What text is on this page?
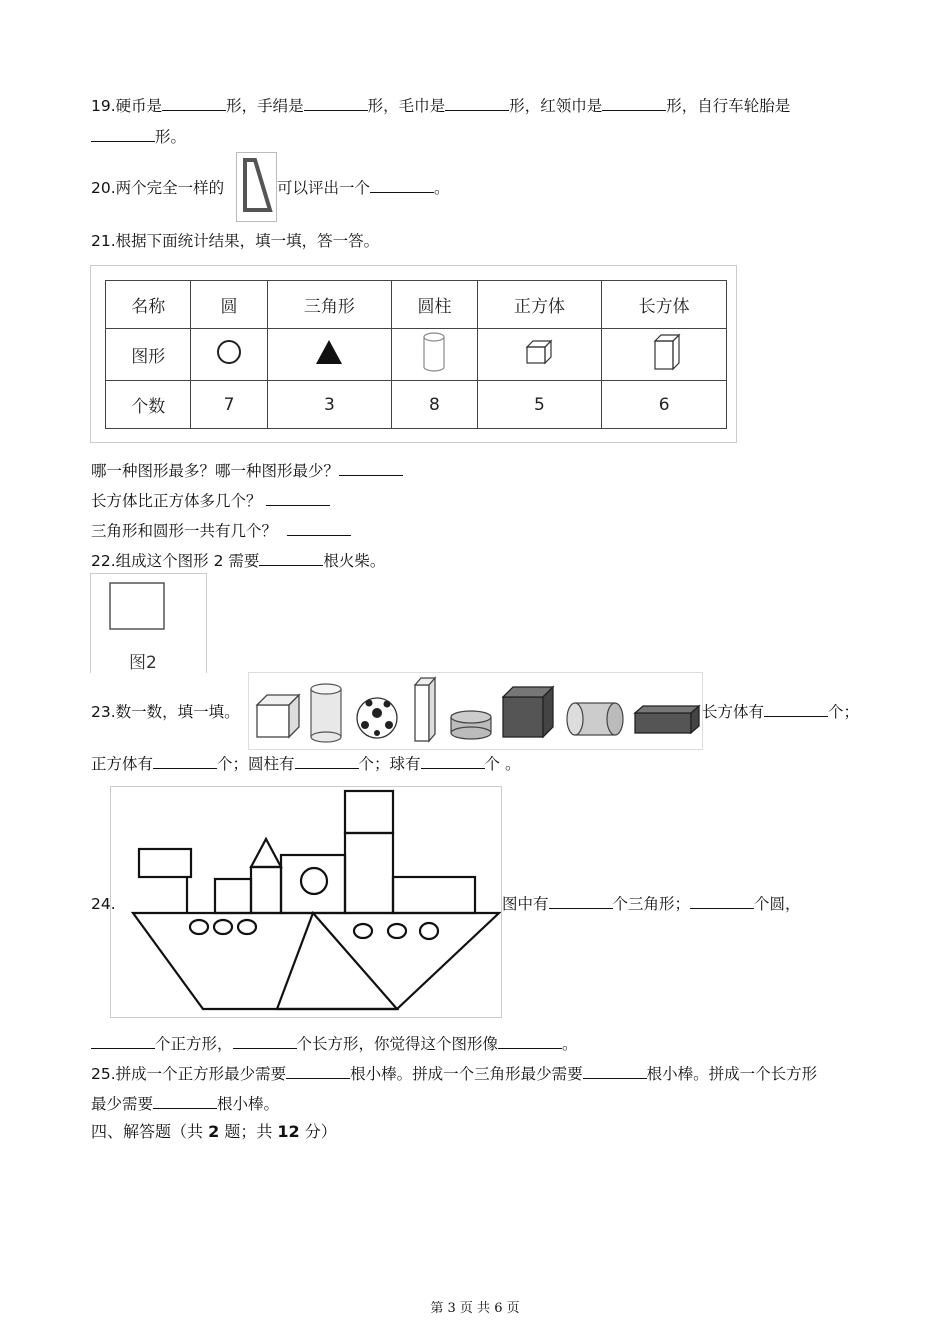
19.硬币是	形，手绢是	形，毛巾是	形，红领巾是	形，自行车轮胎是
形。
20.两个完全一样的	可以评出一个	。
21.根据下面统计结果，填一填，答一答。
名称	圆	三角形	圆柱	正方体	长方体
图形					
个数	7	3	8	5	6
哪一种图形最多？哪一种图形最少？
长方体比正方体多几个？
三角形和圆形一共有几个？
22.组成这个图形 2 需要	根火柴。
图2
23.数一数，填一填。	长方体有	个；
正方体有	个；圆柱有	个；球有	个 。
24.	图中有	个三角形；	个圆，
个正方形，	个长方形，你觉得这个图形像	。
25.拼成一个正方形最少需要	根小棒。拼成一个三角形最少需要	根小棒。拼成一个长方形
最少需要	根小棒。
四、解答题（共 2 题；共 12 分）
第 3 页 共 6 页
